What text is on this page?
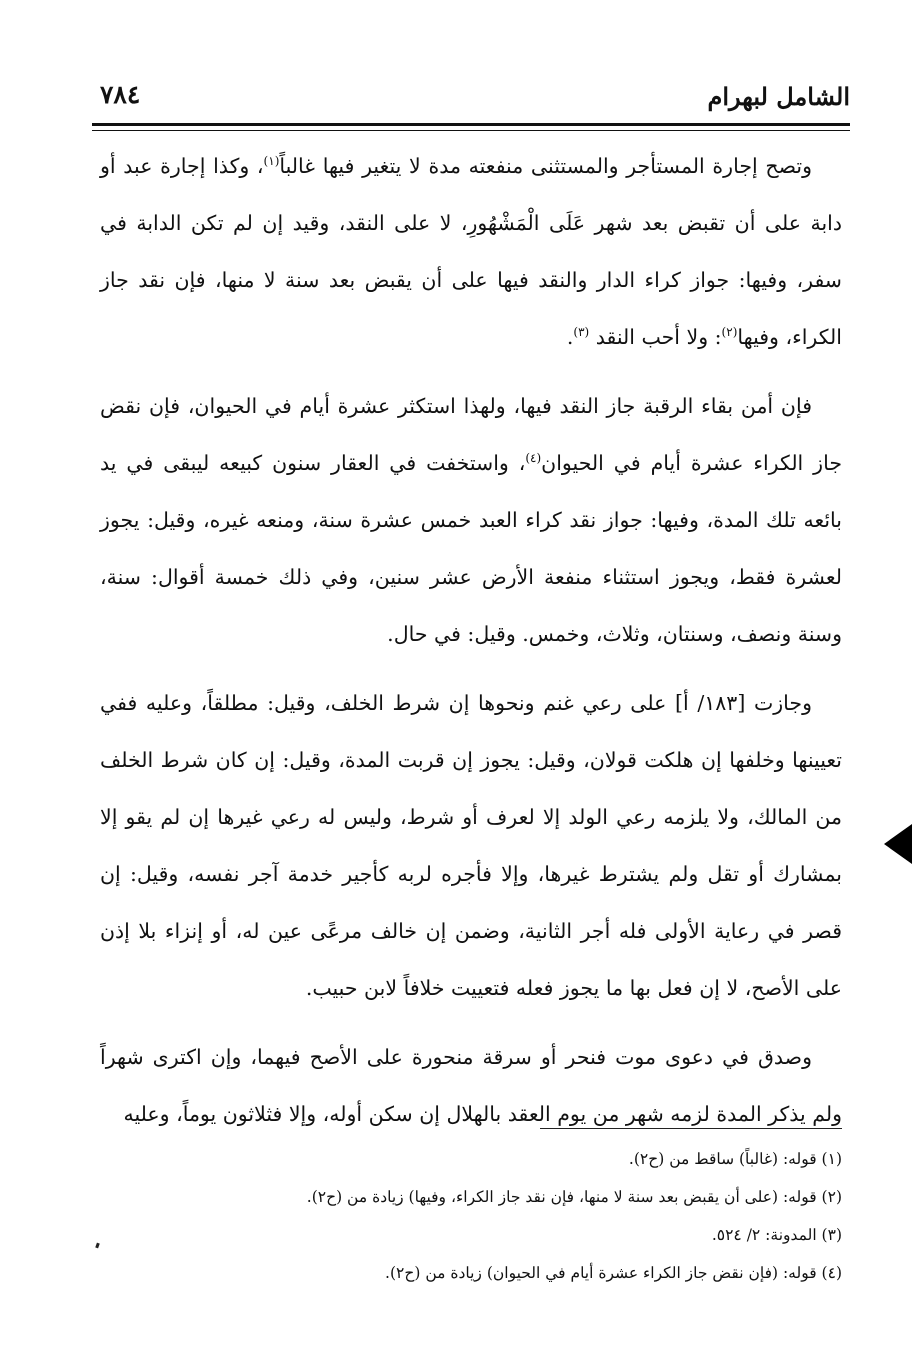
الشامل لبهرام
٧٨٤

وتصح إجارة المستأجر والمستثنى منفعته مدة لا يتغير فيها غالباً$^{(١)}$، وكذا إجارة عبد أو دابة على أن تقبض بعد شهر عَلَى الْمَشْهُورِ، لا على النقد، وقيد إن لم تكن الدابة في سفر، وفيها: جواز كراء الدار والنقد فيها على أن يقبض بعد سنة لا منها، فإن نقد جاز الكراء، وفيها$^{(٢)}$: ولا أحب النقد $^{(٣)}$.

فإن أمن بقاء الرقبة جاز النقد فيها، ولهذا استكثر عشرة أيام في الحيوان، فإن نقض جاز الكراء عشرة أيام في الحيوان$^{(٤)}$، واستخفت في العقار سنون كبيعه ليبقى في يد بائعه تلك المدة، وفيها: جواز نقد كراء العبد خمس عشرة سنة، ومنعه غيره، وقيل: يجوز لعشرة فقط، ويجوز استثناء منفعة الأرض عشر سنين، وفي ذلك خمسة أقوال: سنة، وسنة ونصف، وسنتان، وثلاث، وخمس. وقيل: في حال.

وجازت [١٨٣/ أ] على رعي غنم ونحوها إن شرط الخلف، وقيل: مطلقاً، وعليه ففي تعيينها وخلفها إن هلكت قولان، وقيل: يجوز إن قربت المدة، وقيل: إن كان شرط الخلف من المالك، ولا يلزمه رعي الولد إلا لعرف أو شرط، وليس له رعي غيرها إن لم يقو إلا بمشارك أو تقل ولم يشترط غيرها، وإلا فأجره لربه كأجير خدمة آجر نفسه، وقيل: إن قصر في رعاية الأولى فله أجر الثانية، وضمن إن خالف مرعًى عين له، أو إنزاء بلا إذن على الأصح، لا إن فعل بها ما يجوز فعله فتعييت خلافاً لابن حبيب.

وصدق في دعوى موت فنحر أو سرقة منحورة على الأصح فيهما، وإن اكترى شهراً ولم يذكر المدة لزمه شهر من يوم العقد بالهلال إن سكن أوله، وإلا فثلاثون يوماً، وعليه

(١) قوله: (غالباً) ساقط من (ح٢).
(٢) قوله: (على أن يقبض بعد سنة لا منها، فإن نقد جاز الكراء، وفيها) زيادة من (ح٢).
(٣) المدونة: ٢/ ٥٢٤.
(٤) قوله: (فإن نقض جاز الكراء عشرة أيام في الحيوان) زيادة من (ح٢).
